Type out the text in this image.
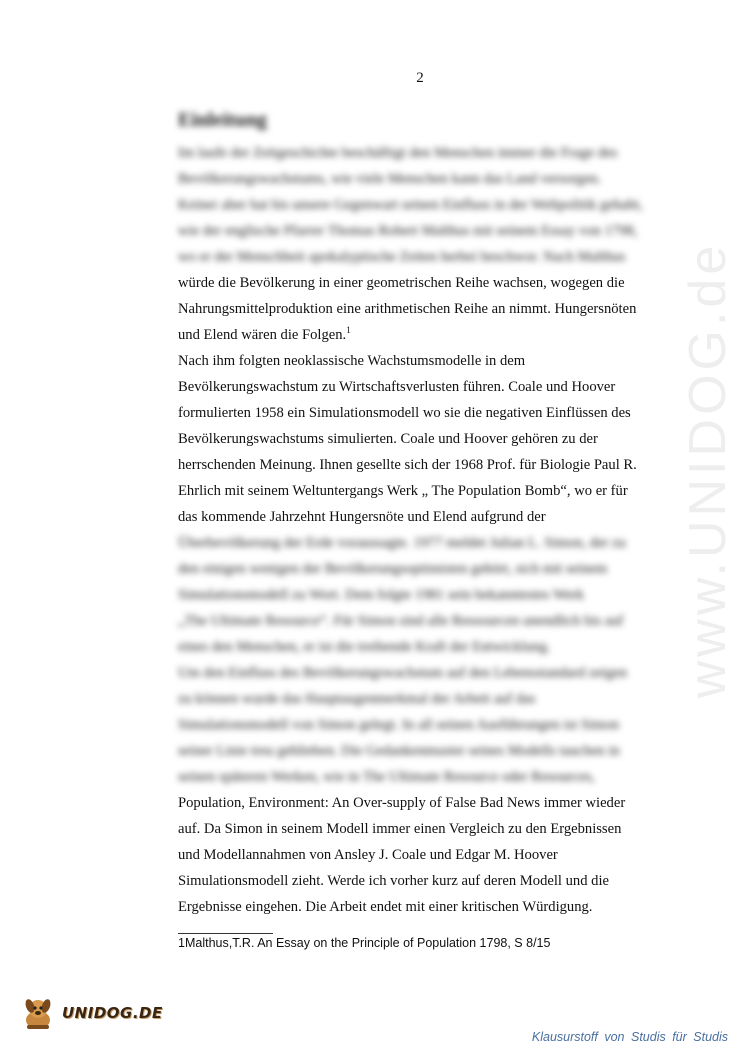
2
Einleitung
Im laufe der Zeitgeschichte beschäftigt den Menschen immer die Frage des
Bevölkerungswachstums, wie viele Menschen kann das Land versorgen.
Keiner aber hat bis unsere Gegenwart seinen Einfluss in der Weltpolitik gehabt,
wie der englische Pfarrer Thomas Robert Malthus mit seinem Essay von 1798,
wo er der Menschheit apokalyptische Zeiten herbei beschwor. Nach Malthus
würde die Bevölkerung in einer geometrischen Reihe wachsen, wogegen die
Nahrungsmittelproduktion eine arithmetischen Reihe an nimmt. Hungersnöten
und Elend wären die Folgen.$^1$
Nach ihm folgten neoklassische Wachstumsmodelle in dem
Bevölkerungswachstum zu Wirtschaftsverlusten führen. Coale und Hoover
formulierten 1958 ein Simulationsmodell wo sie die negativen Einflüssen des
Bevölkerungswachstums simulierten. Coale und Hoover gehören zu der
herrschenden Meinung. Ihnen gesellte sich der 1968 Prof. für Biologie Paul R.
Ehrlich mit seinem Weltuntergangs Werk „ The Population Bomb“, wo er für
das kommende Jahrzehnt Hungersnöte und Elend aufgrund der
Überbevölkerung der Erde voraussagte. 1977 meldet Julian L. Simon, der zu
den einigen wenigen der Bevölkerungsoptimisten gehört, sich mit seinem
Simulationsmodell zu Wort. Dem folgte 1981 sein bekanntestes Werk
„The Ultimate Resource“. Für Simon sind alle Ressourcen unendlich bis auf
eines den Menschen, er ist die treibende Kraft der Entwicklung.
Um den Einfluss des Bevölkerungswachstum auf den Lebensstandard zeigen
zu können wurde das Hauptaugenmerkmal der Arbeit auf das
Simulationsmodell von Simon gelegt. In all seinen Ausführungen ist Simon
seiner Linie treu geblieben. Die Gedankenmuster seines Modells tauchen in
seinen späteren Werken, wie in The Ultimate Resource oder Resources,
Population, Environment: An Over-supply of False Bad News immer wieder
auf. Da Simon in seinem Modell immer einen Vergleich zu den Ergebnissen
und Modellannahmen von Ansley J. Coale und Edgar M. Hoover
Simulationsmodell zieht. Werde ich vorher kurz auf deren Modell und die
Ergebnisse eingehen. Die Arbeit endet mit einer kritischen Würdigung.
1Malthus,T.R. An Essay on the Principle of Population 1798, S 8/15
www.UNIDOG.de
UNIDOG.DE
Klausurstoff von Studis für Studis
